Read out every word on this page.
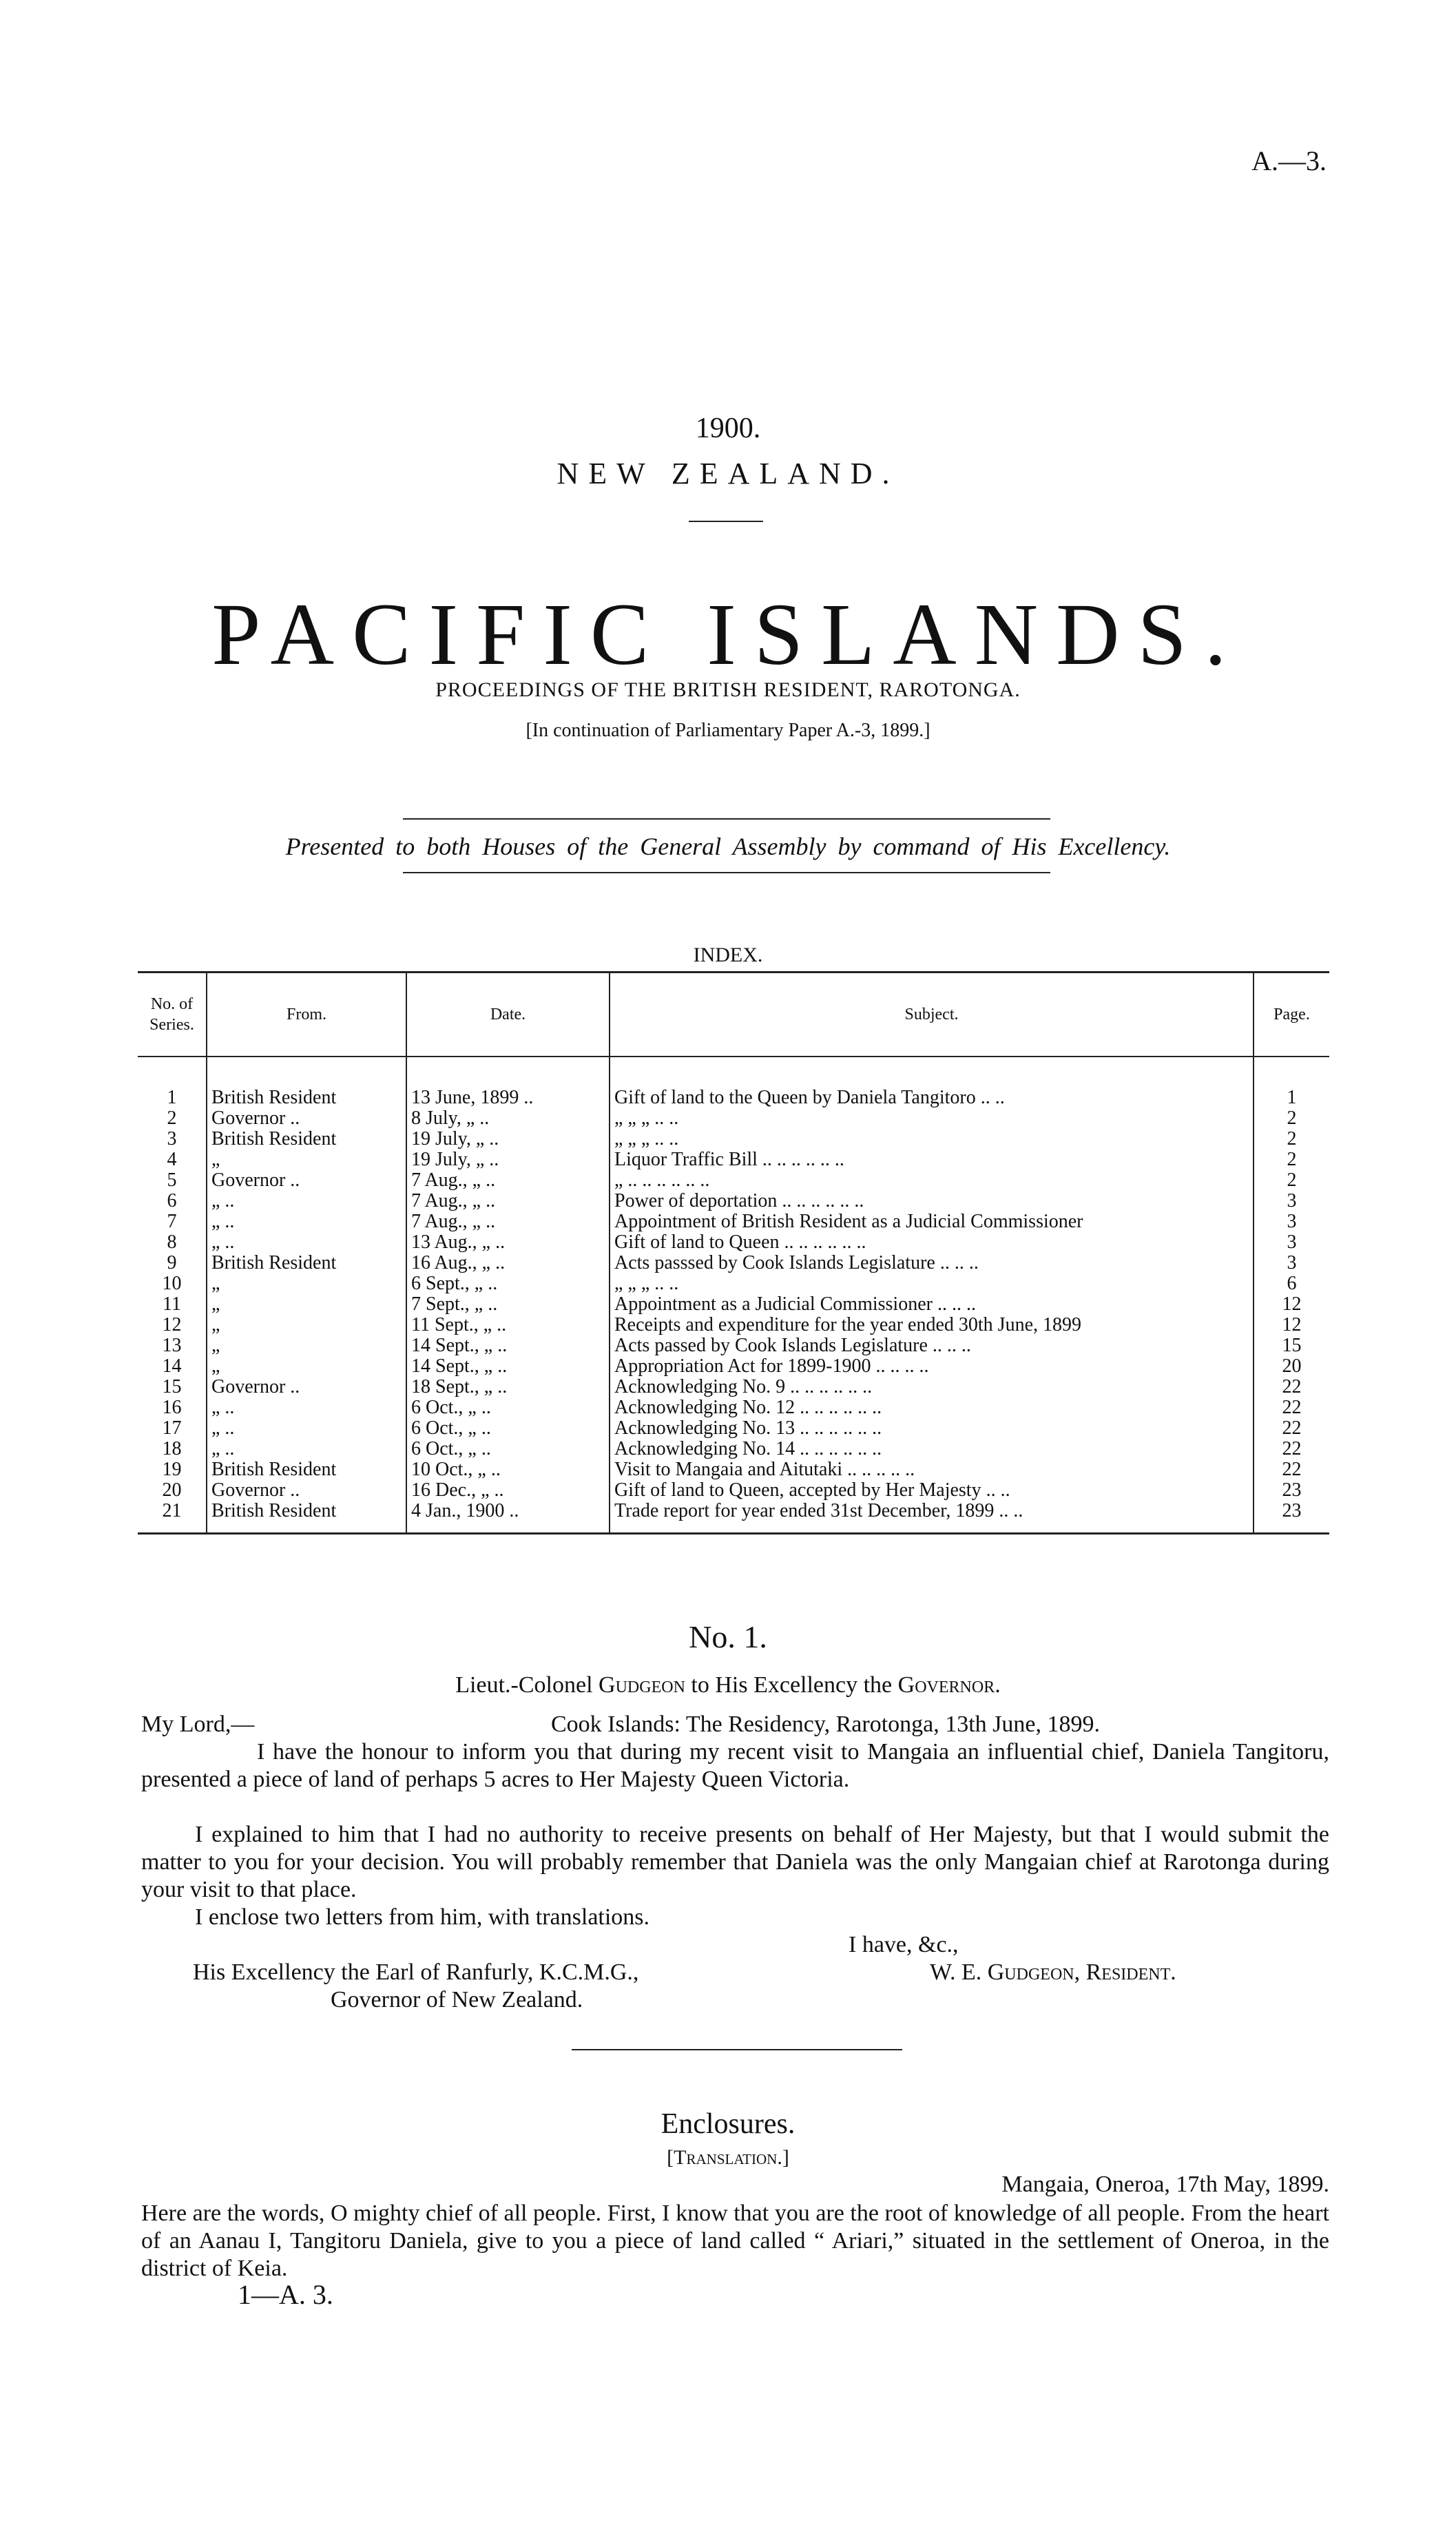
A.—3.
1900.
NEW ZEALAND.
PACIFIC ISLANDS.
PROCEEDINGS OF THE BRITISH RESIDENT, RAROTONGA.
[In continuation of Parliamentary Paper A.-3, 1899.]
Presented to both Houses of the General Assembly by command of His Excellency.
INDEX.
No. of Series.	From.	Date.	Subject.	Page.

1	British Resident	13 June, 1899 ..	Gift of land to the Queen by Daniela Tangitoro .. ..	1
2	Governor ..	8 July, „ ..	„ „ „ .. ..	2
3	British Resident	19 July, „ ..	„ „ „ .. ..	2
4	„	19 July, „ ..	Liquor Traffic Bill .. .. .. .. .. ..	2
5	Governor ..	7 Aug., „ ..	„ .. .. .. .. .. ..	2
6	„ ..	7 Aug., „ ..	Power of deportation .. .. .. .. .. ..	3
7	„ ..	7 Aug., „ ..	Appointment of British Resident as a Judicial Commissioner	3
8	„ ..	13 Aug., „ ..	Gift of land to Queen .. .. .. .. .. ..	3
9	British Resident	16 Aug., „ ..	Acts passsed by Cook Islands Legislature .. .. ..	3
10	„	6 Sept., „ ..	„ „ „ .. ..	6
11	„	7 Sept., „ ..	Appointment as a Judicial Commissioner .. .. ..	12
12	„	11 Sept., „ ..	Receipts and expenditure for the year ended 30th June, 1899	12
13	„	14 Sept., „ ..	Acts passed by Cook Islands Legislature .. .. ..	15
14	„	14 Sept., „ ..	Appropriation Act for 1899-1900 .. .. .. ..	20
15	Governor ..	18 Sept., „ ..	Acknowledging No. 9 .. .. .. .. .. ..	22
16	„ ..	6 Oct., „ ..	Acknowledging No. 12 .. .. .. .. .. ..	22
17	„ ..	6 Oct., „ ..	Acknowledging No. 13 .. .. .. .. .. ..	22
18	„ ..	6 Oct., „ ..	Acknowledging No. 14 .. .. .. .. .. ..	22
19	British Resident	10 Oct., „ ..	Visit to Mangaia and Aitutaki .. .. .. .. ..	22
20	Governor ..	16 Dec., „ ..	Gift of land to Queen, accepted by Her Majesty .. ..	23
21	British Resident	4 Jan., 1900 ..	Trade report for year ended 31st December, 1899 .. ..	23
No. 1.
Lieut.-Colonel Gudgeon to His Excellency the Governor.
My Lord,—	Cook Islands: The Residency, Rarotonga, 13th June, 1899.
I have the honour to inform you that during my recent visit to Mangaia an influential chief, Daniela Tangitoru, presented a piece of land of perhaps 5 acres to Her Majesty Queen Victoria.
I explained to him that I had no authority to receive presents on behalf of Her Majesty, but that I would submit the matter to you for your decision. You will probably remember that Daniela was the only Mangaian chief at Rarotonga during your visit to that place.
I enclose two letters from him, with translations.
I have, &c.,
His Excellency the Earl of Ranfurly, K.C.M.G.,	W. E. Gudgeon, Resident.
Governor of New Zealand.
Enclosures.
[Translation.]
Mangaia, Oneroa, 17th May, 1899.
Here are the words, O mighty chief of all people. First, I know that you are the root of knowledge of all people. From the heart of an Aanau I, Tangitoru Daniela, give to you a piece of land called “ Ariari,” situated in the settlement of Oneroa, in the district of Keia.
1—A. 3.
